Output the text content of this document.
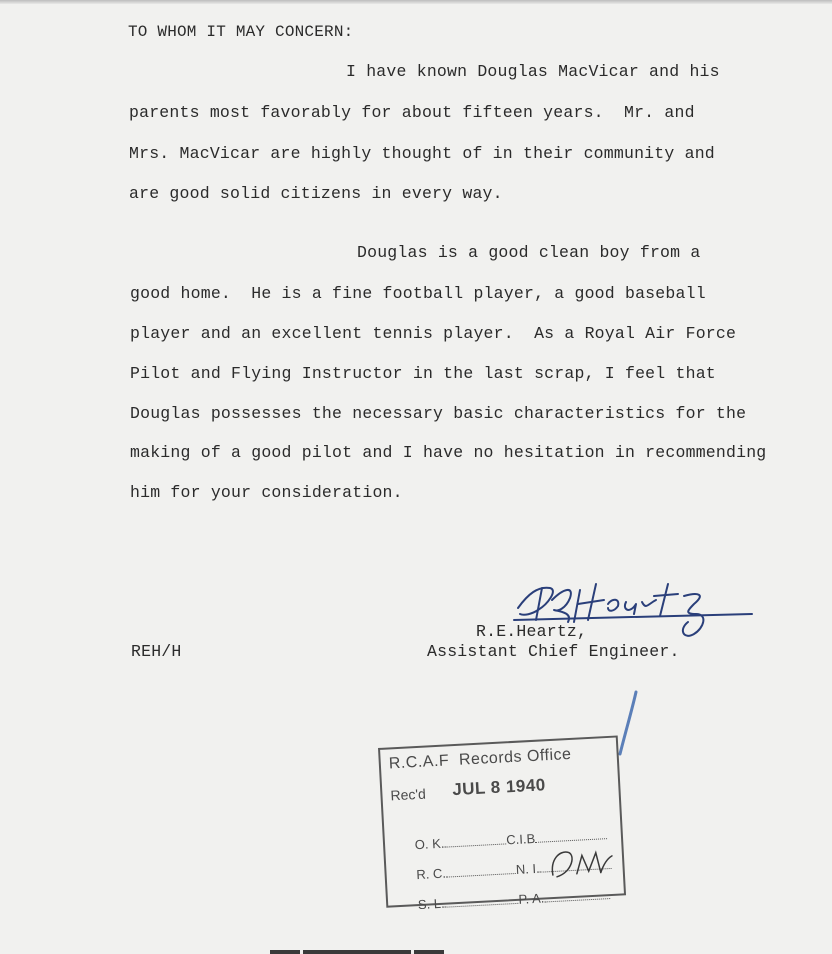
TO WHOM IT MAY CONCERN:
I have known Douglas MacVicar and his
parents most favorably for about fifteen years.  Mr. and
Mrs. MacVicar are highly thought of in their community and
are good solid citizens in every way.
Douglas is a good clean boy from a
good home.  He is a fine football player, a good baseball
player and an excellent tennis player.  As a Royal Air Force
Pilot and Flying Instructor in the last scrap, I feel that
Douglas possesses the necessary basic characteristics for the
making of a good pilot and I have no hesitation in recommending
him for your consideration.
R.E.Heartz,
Assistant Chief Engineer.
REH/H
R.C.A.F  Records Office
Rec'd JUL 8 1940

O. K.	C.I.B

R. C.	N. I.

S. L.	P. A.
